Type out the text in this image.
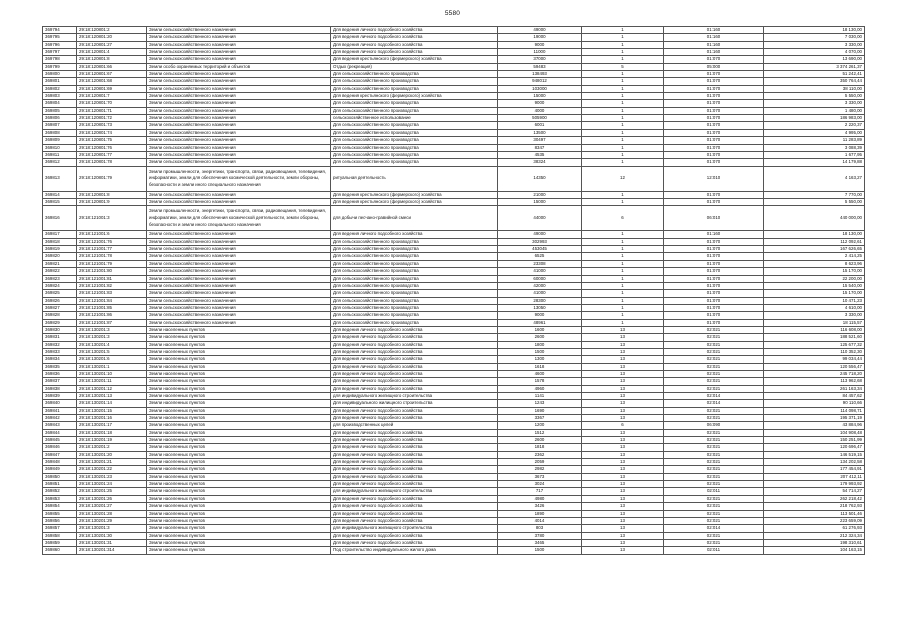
5580
369794	29:18:120801:2	Земли сельскохозяйственного назначения	Для ведения личного подсобного хозяйства	49000	1	01:160	18 130,00
369795	29:18:120801:20	Земли сельскохозяйственного назначения	Для ведения личного подсобного хозяйства	19000	1	01:160	7 030,00
369796	29:18:120801:27	Земли сельскохозяйственного назначения	Для ведения личного подсобного хозяйства	9000	1	01:160	3 330,00
369797	29:18:120801:4	Земли сельскохозяйственного назначения	Для ведения личного подсобного хозяйства	11000	1	01:160	4 070,00
369798	29:18:120801:8	Земли сельскохозяйственного назначения	Для ведения крестьянского (фермерского) хозяйства	37000	1	01:070	13 690,00
369799	29:18:120801:66	Земли особо охраняемых территорий и объектов	Отдых (рекреация)	59483	5	05:000	3 374 261,37
369800	29:18:120801:67	Земли сельскохозяйственного назначения	Для сельскохозяйственного производства	138493	1	01:070	51 242,41
369801	29:18:120801:68	Земли сельскохозяйственного назначения	Для сельскохозяйственного производства	948012	1	01:070	350 764,44
369802	29:18:120801:69	Земли сельскохозяйственного назначения	Для сельскохозяйственного производства	103000	1	01:070	38 110,00
369803	29:18:120801:7	Земли сельскохозяйственного назначения	Для ведения крестьянского (фермерского) хозяйства	15000	1	01:070	5 550,00
369804	29:18:120801:70	Земли сельскохозяйственного назначения	Для сельскохозяйственного производства	9000	1	01:070	3 330,00
369805	29:18:120801:71	Земли сельскохозяйственного назначения	Для сельскохозяйственного производства	4000	1	01:070	1 480,00
369806	29:18:120801:72	Земли сельскохозяйственного назначения	сельскохозяйственное использование	505900	1	01:070	186 983,00
369807	29:18:120801:73	Земли сельскохозяйственного назначения	Для сельскохозяйственного производства	6001	1	01:070	2 220,37
369808	29:18:120801:74	Земли сельскохозяйственного назначения	Для сельскохозяйственного производства	13500	1	01:070	4 995,00
369809	29:18:120801:75	Земли сельскохозяйственного назначения	Для сельскохозяйственного производства	30497	1	01:070	11 283,89
369810	29:18:120801:76	Земли сельскохозяйственного назначения	Для сельскохозяйственного производства	8347	1	01:070	3 088,39
369811	29:18:120801:77	Земли сельскохозяйственного назначения	Для сельскохозяйственного производства	4535	1	01:070	1 677,95
369812	29:18:120801:78	Земли сельскохозяйственного назначения	Для сельскохозяйственного производства	38324	1	01:070	14 179,88
369813	29:18:120801:79	Земли промышленности, энергетики, транспорта, связи, радиовещания, телевидения, информатики, земли для обеспечения космической деятельности, земли обороны, безопасности и земли иного специального назначения	ритуальная деятельность	14350	12	12:010	4 163,27
369814	29:18:120801:8	Земли сельскохозяйственного назначения	Для ведения крестьянского (фермерского) хозяйства	21000	1	01:070	7 770,00
369815	29:18:120801:9	Земли сельскохозяйственного назначения	Для ведения крестьянского (фермерского) хозяйства	15000	1	01:070	5 550,00
369816	29:18:121001:3	Земли промышленности, энергетики, транспорта, связи, радиовещания, телевидения, информатики, земли для обеспечения космической деятельности, земли обороны, безопасности и земли иного специального назначения	для добычи песчано-гравийной смеси	44000	6	06:010	440 000,00
369817	29:18:121001:6	Земли сельскохозяйственного назначения	Для ведения личного подсобного хозяйства	49000	1	01:160	18 130,00
369818	29:18:121001:76	Земли сельскохозяйственного назначения	Для сельскохозяйственного производства	302993	1	01:070	112 092,61
369819	29:18:121001:77	Земли сельскохозяйственного назначения	Для сельскохозяйственного производства	453045	1	01:070	167 626,65
369820	29:18:121001:78	Земли сельскохозяйственного назначения	Для сельскохозяйственного производства	6525	1	01:070	2 414,25
369821	29:18:121001:79	Земли сельскохозяйственного назначения	Для сельскохозяйственного производства	23308	1	01:070	8 623,96
369822	29:18:121001:80	Земли сельскохозяйственного назначения	Для сельскохозяйственного производства	41000	1	01:070	15 170,00
369823	29:18:121001:81	Земли сельскохозяйственного назначения	Для сельскохозяйственного производства	60000	1	01:070	22 200,00
369824	29:18:121001:82	Земли сельскохозяйственного назначения	Для сельскохозяйственного производства	42000	1	01:070	15 540,00
369825	29:18:121001:83	Земли сельскохозяйственного назначения	Для сельскохозяйственного производства	41000	1	01:070	15 170,00
369826	29:18:121001:84	Земли сельскохозяйственного назначения	Для сельскохозяйственного производства	28300	1	01:070	10 471,23
369827	29:18:121001:85	Земли сельскохозяйственного назначения	Для сельскохозяйственного производства	13050	1	01:070	4 610,00
369828	29:18:121001:86	Земли сельскохозяйственного назначения	Для сельскохозяйственного производства	9000	1	01:070	3 330,00
369829	29:18:121001:87	Земли сельскохозяйственного назначения	Для сельскохозяйственного производства	48961	1	01:070	18 115,57
369830	29:18:130201:3	Земли населенных пунктов	Для ведения личного подсобного хозяйства	1600	13	02:021	116 608,00
369831	29:18:130201:3	Земли населенных пунктов	Для ведения личного подсобного хозяйства	2600	13	02:021	188 521,60
369832	29:18:130201:4	Земли населенных пунктов	Для ведения личного подсобного хозяйства	1800	13	02:021	125 677,32
369833	29:18:130201:5	Земли населенных пунктов	Для ведения личного подсобного хозяйства	1500	13	02:021	110 352,30
369834	29:18:130201:6	Земли населенных пунктов	Для ведения личного подсобного хозяйства	1300	13	02:021	99 034,44
369835	29:18:130201:1	Земли населенных пунктов	Для ведения личного подсобного хозяйства	1618	13	02:021	120 556,47
369836	29:18:130201:10	Земли населенных пунктов	Для ведения личного подсобного хозяйства	4600	13	02:021	245 718,20
369837	29:18:130201:11	Земли населенных пунктов	Для ведения личного подсобного хозяйства	1578	13	02:021	113 962,68
369838	29:18:130201:12	Земли населенных пунктов	Для ведения личного подсобного хозяйства	4960	13	02:021	261 163,34
369839	29:18:130201:13	Земли населенных пунктов	для индивидуального жилищного строительства	1141	13	02:014	84 457,62
369840	29:18:130201:14	Земли населенных пунктов	Для индивидуального жилищного строительства	1243	13	02:014	90 110,66
369841	29:18:130201:15	Земли населенных пунктов	Для ведения личного подсобного хозяйства	1690	13	02:021	114 098,71
369842	29:18:130201:16	Земли населенных пунктов	Для ведения личного подсобного хозяйства	3367	13	02:021	195 371,19
369843	29:18:130201:17	Земли населенных пунктов	для производственных целей	1200	6	06:090	43 884,96
369844	29:18:130201:18	Земли населенных пунктов	Для ведения личного подсобного хозяйства	1512	13	02:021	104 908,48
369845	29:18:130201:19	Земли населенных пунктов	Для ведения личного подсобного хозяйства	2600	13	02:021	150 251,99
369846	29:18:130201:2	Земли населенных пунктов	Для ведения личного подсобного хозяйства	1818	13	02:021	120 696,47
369847	29:18:130201:20	Земли населенных пунктов	Для ведения личного подсобного хозяйства	2362	13	02:021	146 519,15
369848	29:18:130201:21	Земли населенных пунктов	Для ведения личного подсобного хозяйства	2059	13	02:021	134 202,58
369849	29:18:130201:22	Земли населенных пунктов	Для ведения личного подсобного хозяйства	2982	13	02:021	177 454,91
369850	29:18:130201:23	Земли населенных пунктов	Для ведения личного подсобного хозяйства	3673	13	02:021	207 412,11
369851	29:18:130201:24	Земли населенных пунктов	Для ведения личного подсобного хозяйства	3024	13	02:021	179 993,92
369852	29:18:130201:25	Земли населенных пунктов	для индивидуального жилищного строительства	717	13	02:011	54 714,27
369853	29:18:130201:26	Земли населенных пунктов	Для ведения личного подсобного хозяйства	4980	13	02:021	262 218,42
369854	29:18:130201:27	Земли населенных пунктов	Для ведения личного подсобного хозяйства	3426	13	02:021	218 762,93
369855	29:18:130201:28	Земли населенных пунктов	Для ведения личного подсобного хозяйства	1890	13	02:021	113 501,46
369856	29:18:130201:29	Земли населенных пунктов	Для ведения личного подсобного хозяйства	4014	13	02:021	223 659,09
369857	29:18:130201:3	Земли населенных пунктов	для индивидуального жилищного строительства	803	13	02:014	61 276,93
369858	29:18:130201:30	Земли населенных пунктов	Для ведения личного подсобного хозяйства	3780	13	02:021	212 324,34
369859	29:18:130201:31	Земли населенных пунктов	Для ведения личного подсобного хозяйства	3465	13	02:021	198 310,61
369860	29:18:130201:314	Земли населенных пунктов	Под строительство индивидуального жилого дома	1500	13	02:011	104 163,15
